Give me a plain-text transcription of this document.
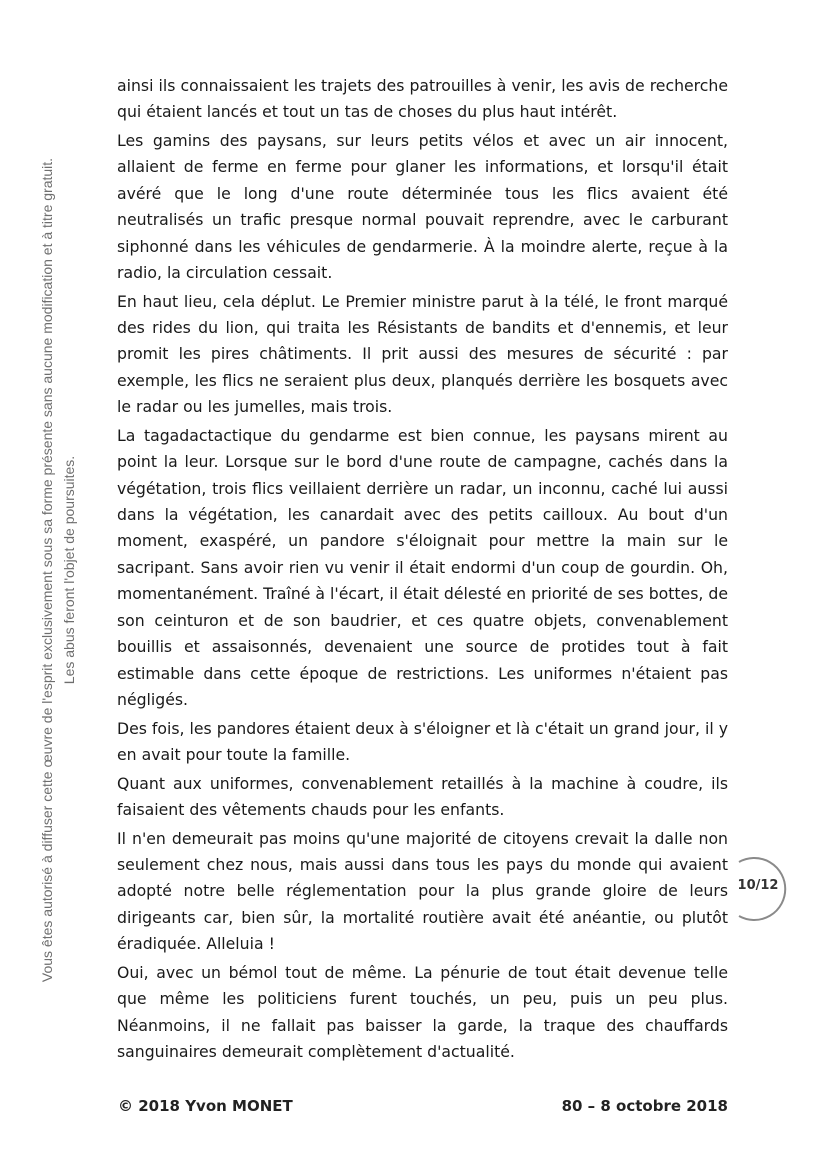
Vous êtes autorisé à diffuser cette œuvre de l'esprit exclusivement sous sa forme présente sans aucune modification et à titre gratuit. Les abus feront l'objet de poursuites.

ainsi ils connaissaient les trajets des patrouilles à venir, les avis de recherche qui étaient lancés et tout un tas de choses du plus haut intérêt.

Les gamins des paysans, sur leurs petits vélos et avec un air innocent, allaient de ferme en ferme pour glaner les informations, et lorsqu'il était avéré que le long d'une route déterminée tous les flics avaient été neutralisés un trafic presque normal pouvait reprendre, avec le carburant siphonné dans les véhicules de gendarmerie. À la moindre alerte, reçue à la radio, la circulation cessait.

En haut lieu, cela déplut. Le Premier ministre parut à la télé, le front marqué des rides du lion, qui traita les Résistants de bandits et d'ennemis, et leur promit les pires châtiments. Il prit aussi des mesures de sécurité : par exemple, les flics ne seraient plus deux, planqués derrière les bosquets avec le radar ou les jumelles, mais trois.

La tagadactactique du gendarme est bien connue, les paysans mirent au point la leur. Lorsque sur le bord d'une route de campagne, cachés dans la végétation, trois flics veillaient derrière un radar, un inconnu, caché lui aussi dans la végétation, les canardait avec des petits cailloux. Au bout d'un moment, exaspéré, un pandore s'éloignait pour mettre la main sur le sacripant. Sans avoir rien vu venir il était endormi d'un coup de gourdin. Oh, momentanément. Traîné à l'écart, il était délesté en priorité de ses bottes, de son ceinturon et de son baudrier, et ces quatre objets, convenablement bouillis et assaisonnés, devenaient une source de protides tout à fait estimable dans cette époque de restrictions. Les uniformes n'étaient pas négligés.

Des fois, les pandores étaient deux à s'éloigner et là c'était un grand jour, il y en avait pour toute la famille.

Quant aux uniformes, convenablement retaillés à la machine à coudre, ils faisaient des vêtements chauds pour les enfants.

Il n'en demeurait pas moins qu'une majorité de citoyens crevait la dalle non seulement chez nous, mais aussi dans tous les pays du monde qui avaient adopté notre belle réglementation pour la plus grande gloire de leurs dirigeants car, bien sûr, la mortalité routière avait été anéantie, ou plutôt éradiquée. Alleluia !

Oui, avec un bémol tout de même. La pénurie de tout était devenue telle que même les politiciens furent touchés, un peu, puis un peu plus. Néanmoins, il ne fallait pas baisser la garde, la traque des chauffards sanguinaires demeurait complètement d'actualité.

10/12
© 2018 Yvon MONET	80 – 8 octobre 2018
